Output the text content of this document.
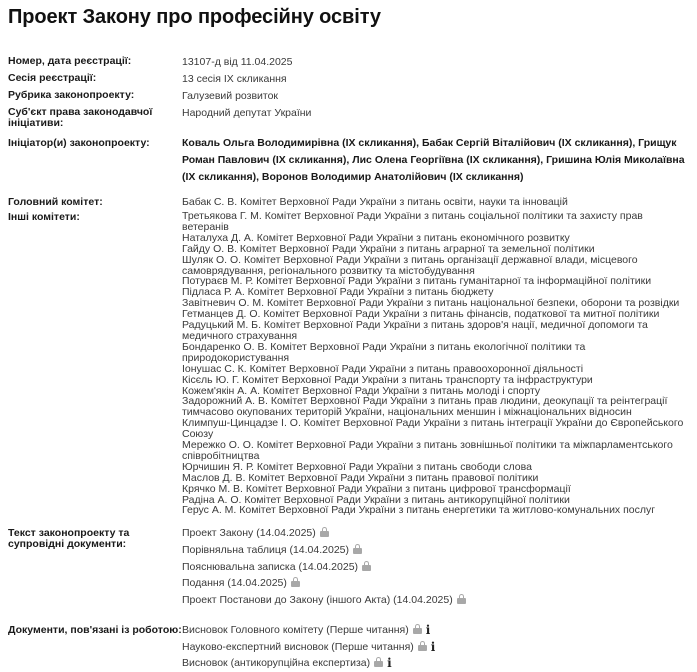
Проект Закону про професійну освіту
Номер, дата реєстрації:	13107-д від 11.04.2025
Сесія реєстрації:	13 сесія IX скликання
Рубрика законопроекту:	Галузевий розвиток
Суб'єкт права законодавчої ініціативи:
Народний депутат України
Ініціатор(и) законопроекту:	Коваль Ольга Володимирівна (IX скликання), Бабак Сергій Віталійович (IX скликання), Грищук Роман Павлович (IX скликання), Лис Олена Георгіївна (IX скликання), Гришина Юлія Миколаївна (IX скликання), Воронов Володимир Анатолійович (IX скликання)
Головний комітет:	Бабак С. В. Комітет Верховної Ради України з питань освіти, науки та інновацій
Інші комітети:	Третьякова Г. М. Комітет Верховної Ради України з питань соціальної політики та захисту прав ветеранів
Наталуха Д. А. Комітет Верховної Ради України з питань економічного розвитку
Гайду О. В. Комітет Верховної Ради України з питань аграрної та земельної політики
Шуляк О. О. Комітет Верховної Ради України з питань організації державної влади, місцевого самоврядування, регіонального розвитку та містобудування
Потураєв М. Р. Комітет Верховної Ради України з питань гуманітарної та інформаційної політики
Підласа Р. А. Комітет Верховної Ради України з питань бюджету
Завітневич О. М. Комітет Верховної Ради України з питань національної безпеки, оборони та розвідки
Гетманцев Д. О. Комітет Верховної Ради України з питань фінансів, податкової та митної політики
Радуцький М. Б. Комітет Верховної Ради України з питань здоров'я нації, медичної допомоги та медичного страхування
Бондаренко О. В. Комітет Верховної Ради України з питань екологічної політики та природокористування
Іонушас С. К. Комітет Верховної Ради України з питань правоохоронної діяльності
Кісєль Ю. Г. Комітет Верховної Ради України з питань транспорту та інфраструктури
Кожем'якін А. А. Комітет Верховної Ради України з питань молоді і спорту
Задорожний А. В. Комітет Верховної Ради України з питань прав людини, деокупації та реінтеграції тимчасово окупованих територій України, національних меншин і міжнаціональних відносин
Климпуш-Цинцадзе І. О. Комітет Верховної Ради України з питань інтеграції України до Європейського Союзу
Мережко О. О. Комітет Верховної Ради України з питань зовнішньої політики та міжпарламентського співробітництва
Юрчишин Я. Р. Комітет Верховної Ради України з питань свободи слова
Маслов Д. В. Комітет Верховної Ради України з питань правової політики
Крячко М. В. Комітет Верховної Ради України з питань цифрової трансформації
Радіна А. О. Комітет Верховної Ради України з питань антикорупційної політики
Герус А. М. Комітет Верховної Ради України з питань енергетики та житлово-комунальних послуг
Текст законопроекту та супровідні документи:
Проект Закону (14.04.2025)
Порівняльна таблиця (14.04.2025)
Пояснювальна записка (14.04.2025)
Подання (14.04.2025)
Проект Постанови до Закону (іншого Акта) (14.04.2025)
Документи, пов'язані із роботою: Висновок Головного комітету (Перше читання) i
Науково-експертний висновок (Перше читання) i
Висновок (антикорупційна експертиза) i
